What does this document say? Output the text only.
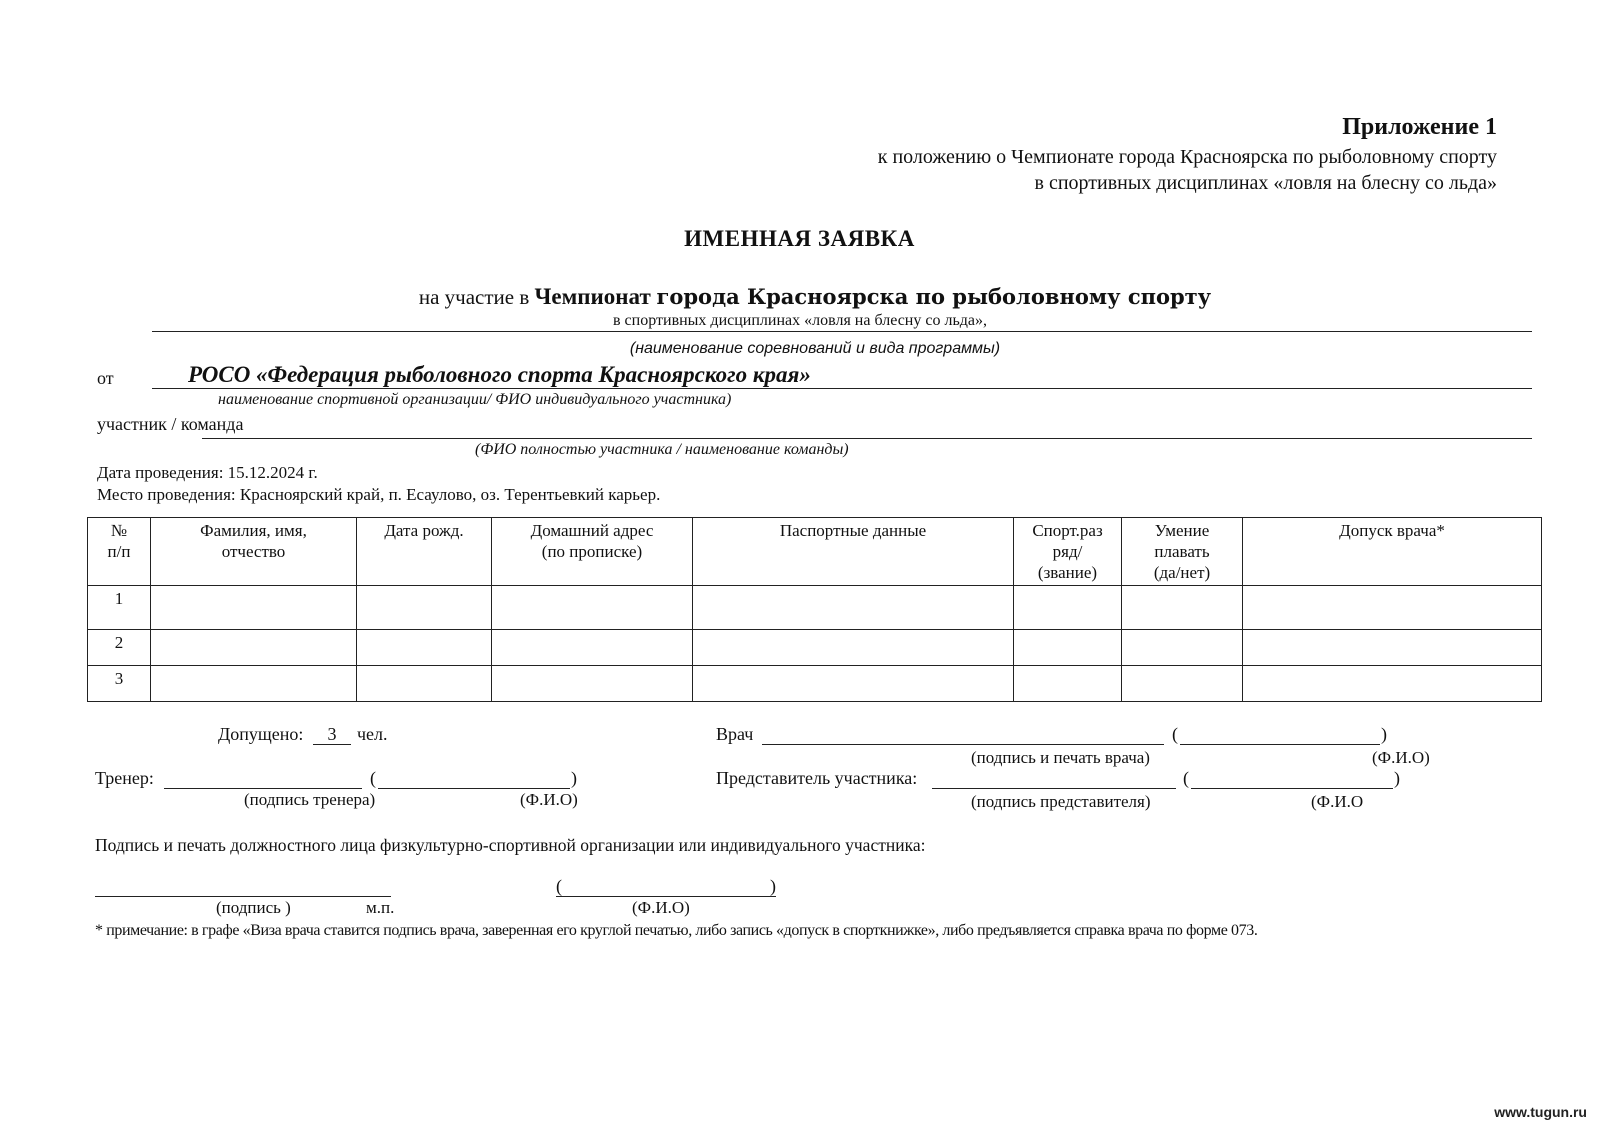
Приложение 1
к положению о Чемпионате города Красноярска по рыболовному спорту
в спортивных дисциплинах «ловля на блесну со льда»
ИМЕННАЯ ЗАЯВКА
на участие в Чемпионат города Красноярска по рыболовному спорту
в спортивных дисциплинах «ловля на блесну со льда»,
(наименование соревнований и вида программы)
от	РОСО «Федерация рыболовного спорта Красноярского края»
наименование спортивной организации/ ФИО индивидуального участника)
участник / команда
(ФИО полностью участника / наименование команды)
Дата проведения: 15.12.2024 г.
Место проведения: Красноярский край, п. Есаулово, оз. Терентьевкий карьер.
№ п/п	Фамилия, имя, отчество	Дата рожд.	Домашний адрес (по прописке)	Паспортные данные	Спорт.раз ряд/ (звание)	Умение плавать (да/нет)	Допуск врача*
1							
2							
3							
Допущено:	3	чел.	Врач	(	)
(подпись и печать врача)	(Ф.И.О)
Тренер:	(	)
(подпись тренера)	(Ф.И.О)
Представитель участника:	(	)
(подпись представителя)	(Ф.И.О
Подпись и печать должностного лица физкультурно-спортивной организации или индивидуального участника:
(	)
(подпись )	м.п.	(Ф.И.О)
* примечание: в графе «Виза врача ставится подпись врача, заверенная его круглой печатью, либо запись «допуск в спорткнижке», либо предъявляется справка врача по форме 073.
www.tugun.ru
